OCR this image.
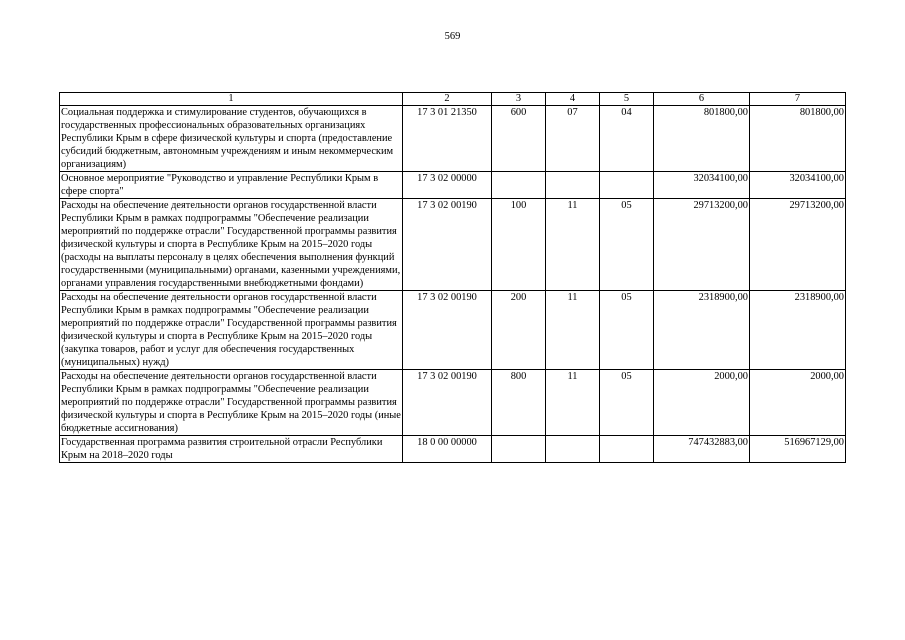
569
1	2	3	4	5	6	7
Социальная поддержка и стимулирование студентов, обучающихся в государственных профессиональных образовательных организациях Республики Крым в сфере физической культуры и спорта (предоставление субсидий бюджетным, автономным учреждениям и иным некоммерческим организациям)	17 3 01 21350	600	07	04	801800,00	801800,00
Основное мероприятие "Руководство и управление Республики Крым в сфере спорта"	17 3 02 00000				32034100,00	32034100,00
Расходы на обеспечение деятельности органов государственной власти Республики Крым в рамках подпрограммы "Обеспечение реализации мероприятий по поддержке отрасли" Государственной программы развития физической культуры и спорта в Республике Крым на 2015–2020 годы (расходы на выплаты персоналу в целях обеспечения выполнения функций государственными (муниципальными) органами, казенными учреждениями, органами управления государственными внебюджетными фондами)	17 3 02 00190	100	11	05	29713200,00	29713200,00
Расходы на обеспечение деятельности органов государственной власти Республики Крым в рамках подпрограммы "Обеспечение реализации мероприятий по поддержке отрасли" Государственной программы развития физической культуры и спорта в Республике Крым на 2015–2020 годы (закупка товаров, работ и услуг для обеспечения государственных (муниципальных) нужд)	17 3 02 00190	200	11	05	2318900,00	2318900,00
Расходы на обеспечение деятельности органов государственной власти Республики Крым в рамках подпрограммы "Обеспечение реализации мероприятий по поддержке отрасли" Государственной программы развития физической культуры и спорта в Республике Крым на 2015–2020 годы (иные бюджетные ассигнования)	17 3 02 00190	800	11	05	2000,00	2000,00
Государственная программа развития строительной отрасли Республики Крым на 2018–2020 годы	18 0 00 00000				747432883,00	516967129,00
